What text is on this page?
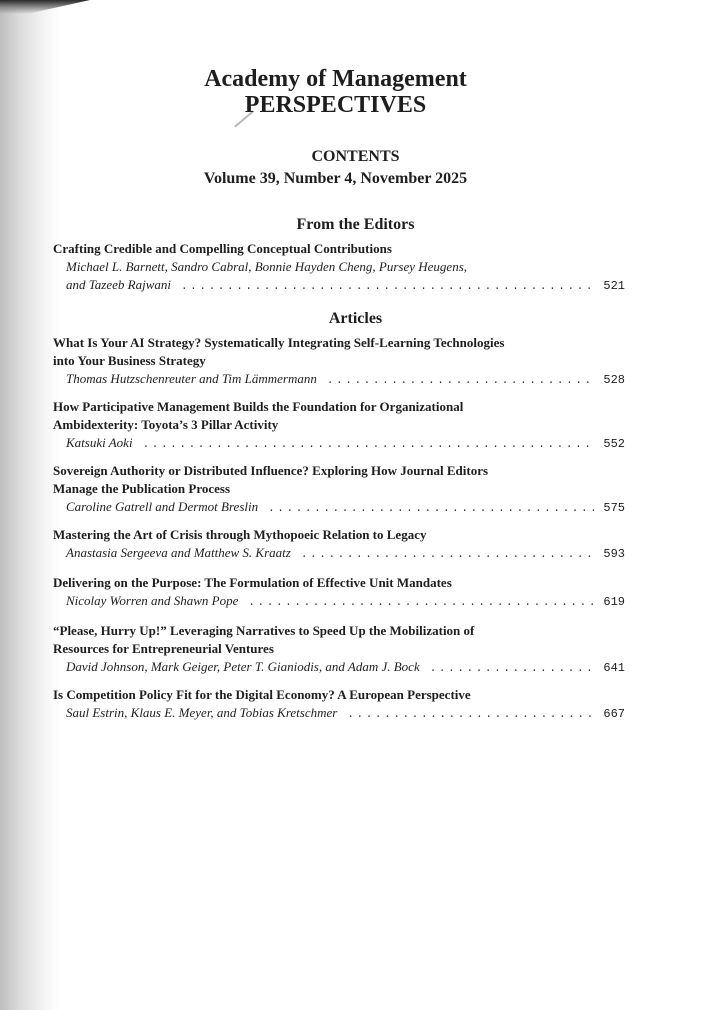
Academy of Management
PERSPECTIVES
CONTENTS
Volume 39, Number 4, November 2025
From the Editors
Crafting Credible and Compelling Conceptual Contributions
Michael L. Barnett, Sandro Cabral, Bonnie Hayden Cheng, Pursey Heugens,
and Tazeeb Rajwani . . .	521
Articles
What Is Your AI Strategy? Systematically Integrating Self-Learning Technologies
into Your Business Strategy
Thomas Hutzschenreuter and Tim Lämmermann . . .	528
How Participative Management Builds the Foundation for Organizational
Ambidexterity: Toyota’s 3 Pillar Activity
Katsuki Aoki . . .	552
Sovereign Authority or Distributed Influence? Exploring How Journal Editors
Manage the Publication Process
Caroline Gatrell and Dermot Breslin . . .	575
Mastering the Art of Crisis through Mythopoeic Relation to Legacy
Anastasia Sergeeva and Matthew S. Kraatz . . .	593
Delivering on the Purpose: The Formulation of Effective Unit Mandates
Nicolay Worren and Shawn Pope . . .	619
“Please, Hurry Up!” Leveraging Narratives to Speed Up the Mobilization of
Resources for Entrepreneurial Ventures
David Johnson, Mark Geiger, Peter T. Gianiodis, and Adam J. Bock . . .	641
Is Competition Policy Fit for the Digital Economy? A European Perspective
Saul Estrin, Klaus E. Meyer, and Tobias Kretschmer . . .	667
